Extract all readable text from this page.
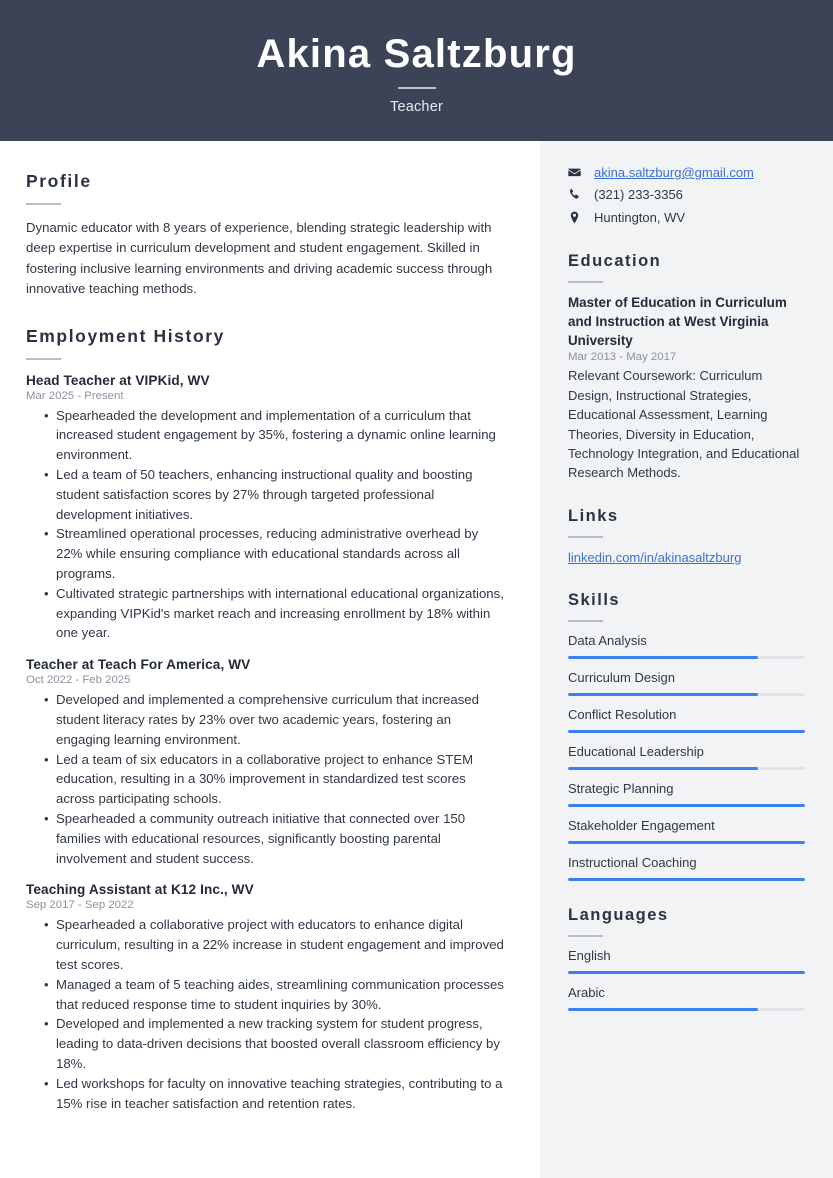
Akina Saltzburg
Teacher
Profile

Dynamic educator with 8 years of experience, blending strategic leadership with deep expertise in curriculum development and student engagement. Skilled in fostering inclusive learning environments and driving academic success through innovative teaching methods.

Employment History
Head Teacher at VIPKid, WV
Mar 2025 - Present
• Spearheaded the development and implementation of a curriculum that increased student engagement by 35%, fostering a dynamic online learning environment.
• Led a team of 50 teachers, enhancing instructional quality and boosting student satisfaction scores by 27% through targeted professional development initiatives.
• Streamlined operational processes, reducing administrative overhead by 22% while ensuring compliance with educational standards across all programs.
• Cultivated strategic partnerships with international educational organizations, expanding VIPKid's market reach and increasing enrollment by 18% within one year.
Teacher at Teach For America, WV
Oct 2022 - Feb 2025
• Developed and implemented a comprehensive curriculum that increased student literacy rates by 23% over two academic years, fostering an engaging learning environment.
• Led a team of six educators in a collaborative project to enhance STEM education, resulting in a 30% improvement in standardized test scores across participating schools.
• Spearheaded a community outreach initiative that connected over 150 families with educational resources, significantly boosting parental involvement and student success.
Teaching Assistant at K12 Inc., WV
Sep 2017 - Sep 2022
• Spearheaded a collaborative project with educators to enhance digital curriculum, resulting in a 22% increase in student engagement and improved test scores.
• Managed a team of 5 teaching aides, streamlining communication processes that reduced response time to student inquiries by 30%.
• Developed and implemented a new tracking system for student progress, leading to data-driven decisions that boosted overall classroom efficiency by 18%.
• Led workshops for faculty on innovative teaching strategies, contributing to a 15% rise in teacher satisfaction and retention rates.
akina.saltzburg@gmail.com
(321) 233-3356
Huntington, WV
Education
Master of Education in Curriculum and Instruction at West Virginia University
Mar 2013 - May 2017
Relevant Coursework: Curriculum Design, Instructional Strategies, Educational Assessment, Learning Theories, Diversity in Education, Technology Integration, and Educational Research Methods.
Links
linkedin.com/in/akinasaltzburg
Skills
Data Analysis
Curriculum Design
Conflict Resolution
Educational Leadership
Strategic Planning
Stakeholder Engagement
Instructional Coaching
Languages
English
Arabic
